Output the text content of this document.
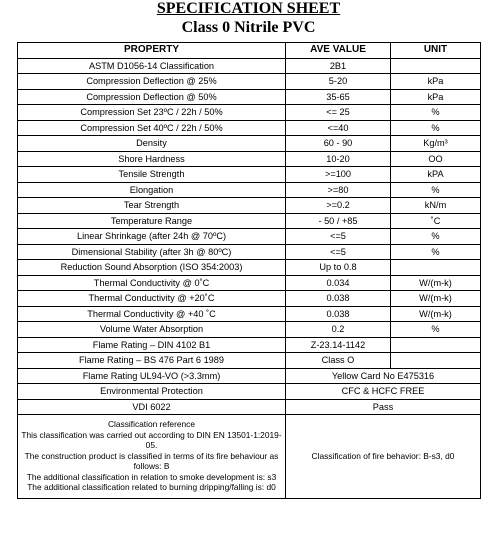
SPECIFICATION SHEET
Class 0 Nitrile PVC
PROPERTY	AVE VALUE	UNIT
ASTM D1056-14 Classification	2B1	
Compression Deflection @ 25%	5-20	kPa
Compression Deflection @ 50%	35-65	kPa
Compression Set 23ºC / 22h / 50%	<= 25	%
Compression Set 40ºC / 22h / 50%	<=40	%
Density	60 - 90	Kg/m³
Shore Hardness	10-20	OO
Tensile Strength	>=100	kPA
Elongation	>=80	%
Tear Strength	>=0.2	kN/m
Temperature Range	- 50 / +85	˚C
Linear Shrinkage (after 24h @ 70ºC)	<=5	%
Dimensional Stability (after 3h @ 80ºC)	<=5	%
Reduction Sound Absorption (ISO 354:2003)	Up to 0.8	
Thermal Conductivity @ 0˚C	0.034	W/(m-k)
Thermal Conductivity @ +20˚C	0.038	W/(m-k)
Thermal Conductivity @ +40 ˚C	0.038	W/(m-k)
Volume Water Absorption	0.2	%
Flame Rating – DIN 4102 B1	Z-23.14-1142	
Flame Rating – BS 476 Part 6 1989	Class O	
Flame Rating UL94-VO (>3.3mm)	Yellow Card No E475316	
Environmental Protection	CFC & HCFC FREE	
VDI 6022	Pass	

Classification reference
This classification was carried out according to DIN EN 13501-1:2019-05.
The construction product is classified in terms of its fire behaviour as follows: B
The additional classification in relation to smoke development is: s3
The additional classification related to burning dripping/falling is: d0	Classification of fire behavior: B-s3, d0	
